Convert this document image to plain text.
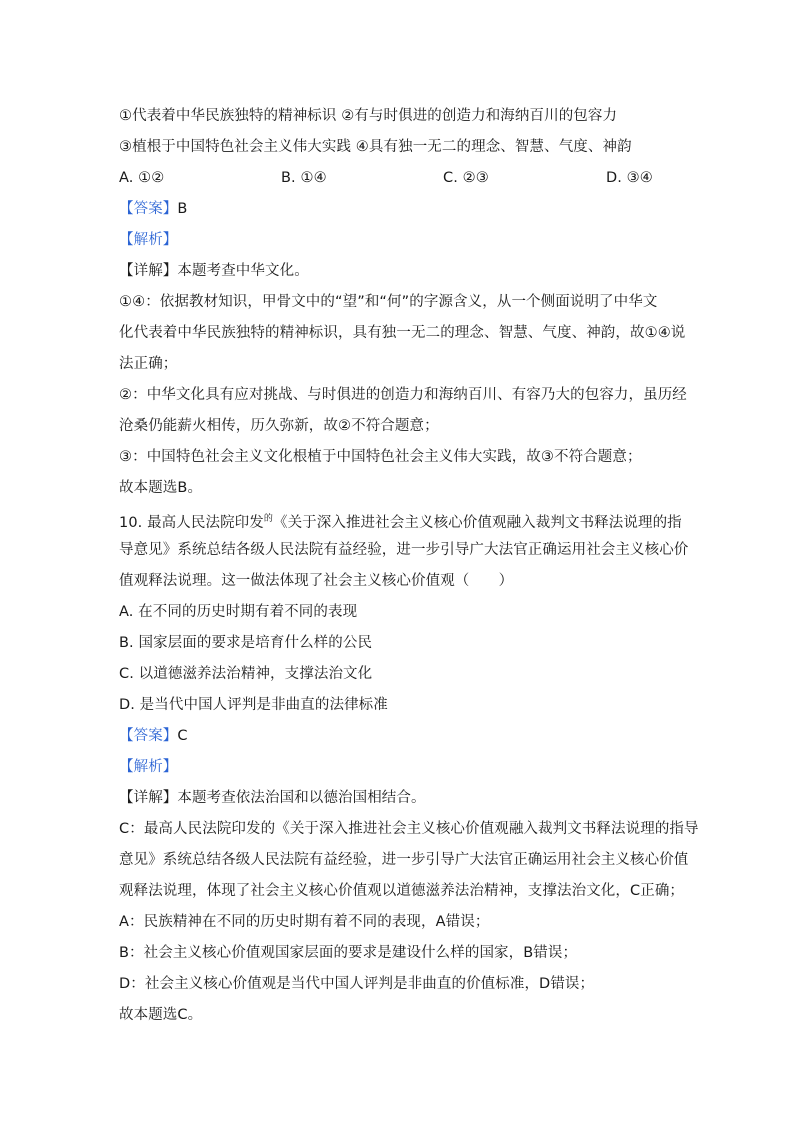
①代表着中华民族独特的精神标识 ②有与时俱进的创造力和海纳百川的包容力
③植根于中国特色社会主义伟大实践 ④具有独一无二的理念、智慧、气度、神韵
A. ①②	B. ①④	C. ②③	D. ③④
【答案】B
【解析】
【详解】本题考查中华文化。
①④：依据教材知识，甲骨文中的“望”和“何”的字源含义，从一个侧面说明了中华文
化代表着中华民族独特的精神标识，具有独一无二的理念、智慧、气度、神韵，故①④说
法正确；
②：中华文化具有应对挑战、与时俱进的创造力和海纳百川、有容乃大的包容力，虽历经
沧桑仍能薪火相传，历久弥新，故②不符合题意；
③：中国特色社会主义文化根植于中国特色社会主义伟大实践，故③不符合题意；
故本题选B。
10. 最高人民法院印发$^的$《关于深入推进社会主义核心价值观融入裁判文书释法说理的指
导意见》系统总结各级人民法院有益经验，进一步引导广大法官正确运用社会主义核心价
值观释法说理。这一做法体现了社会主义核心价值观（　　）
A. 在不同的历史时期有着不同的表现
B. 国家层面的要求是培育什么样的公民
C. 以道德滋养法治精神，支撑法治文化
D. 是当代中国人评判是非曲直的法律标准
【答案】C
【解析】
【详解】本题考查依法治国和以德治国相结合。
C：最高人民法院印发的《关于深入推进社会主义核心价值观融入裁判文书释法说理的指导
意见》系统总结各级人民法院有益经验，进一步引导广大法官正确运用社会主义核心价值
观释法说理，体现了社会主义核心价值观以道德滋养法治精神，支撑法治文化，C正确；
A：民族精神在不同的历史时期有着不同的表现，A错误；
B：社会主义核心价值观国家层面的要求是建设什么样的国家，B错误；
D：社会主义核心价值观是当代中国人评判是非曲直的价值标准，D错误；
故本题选C。
